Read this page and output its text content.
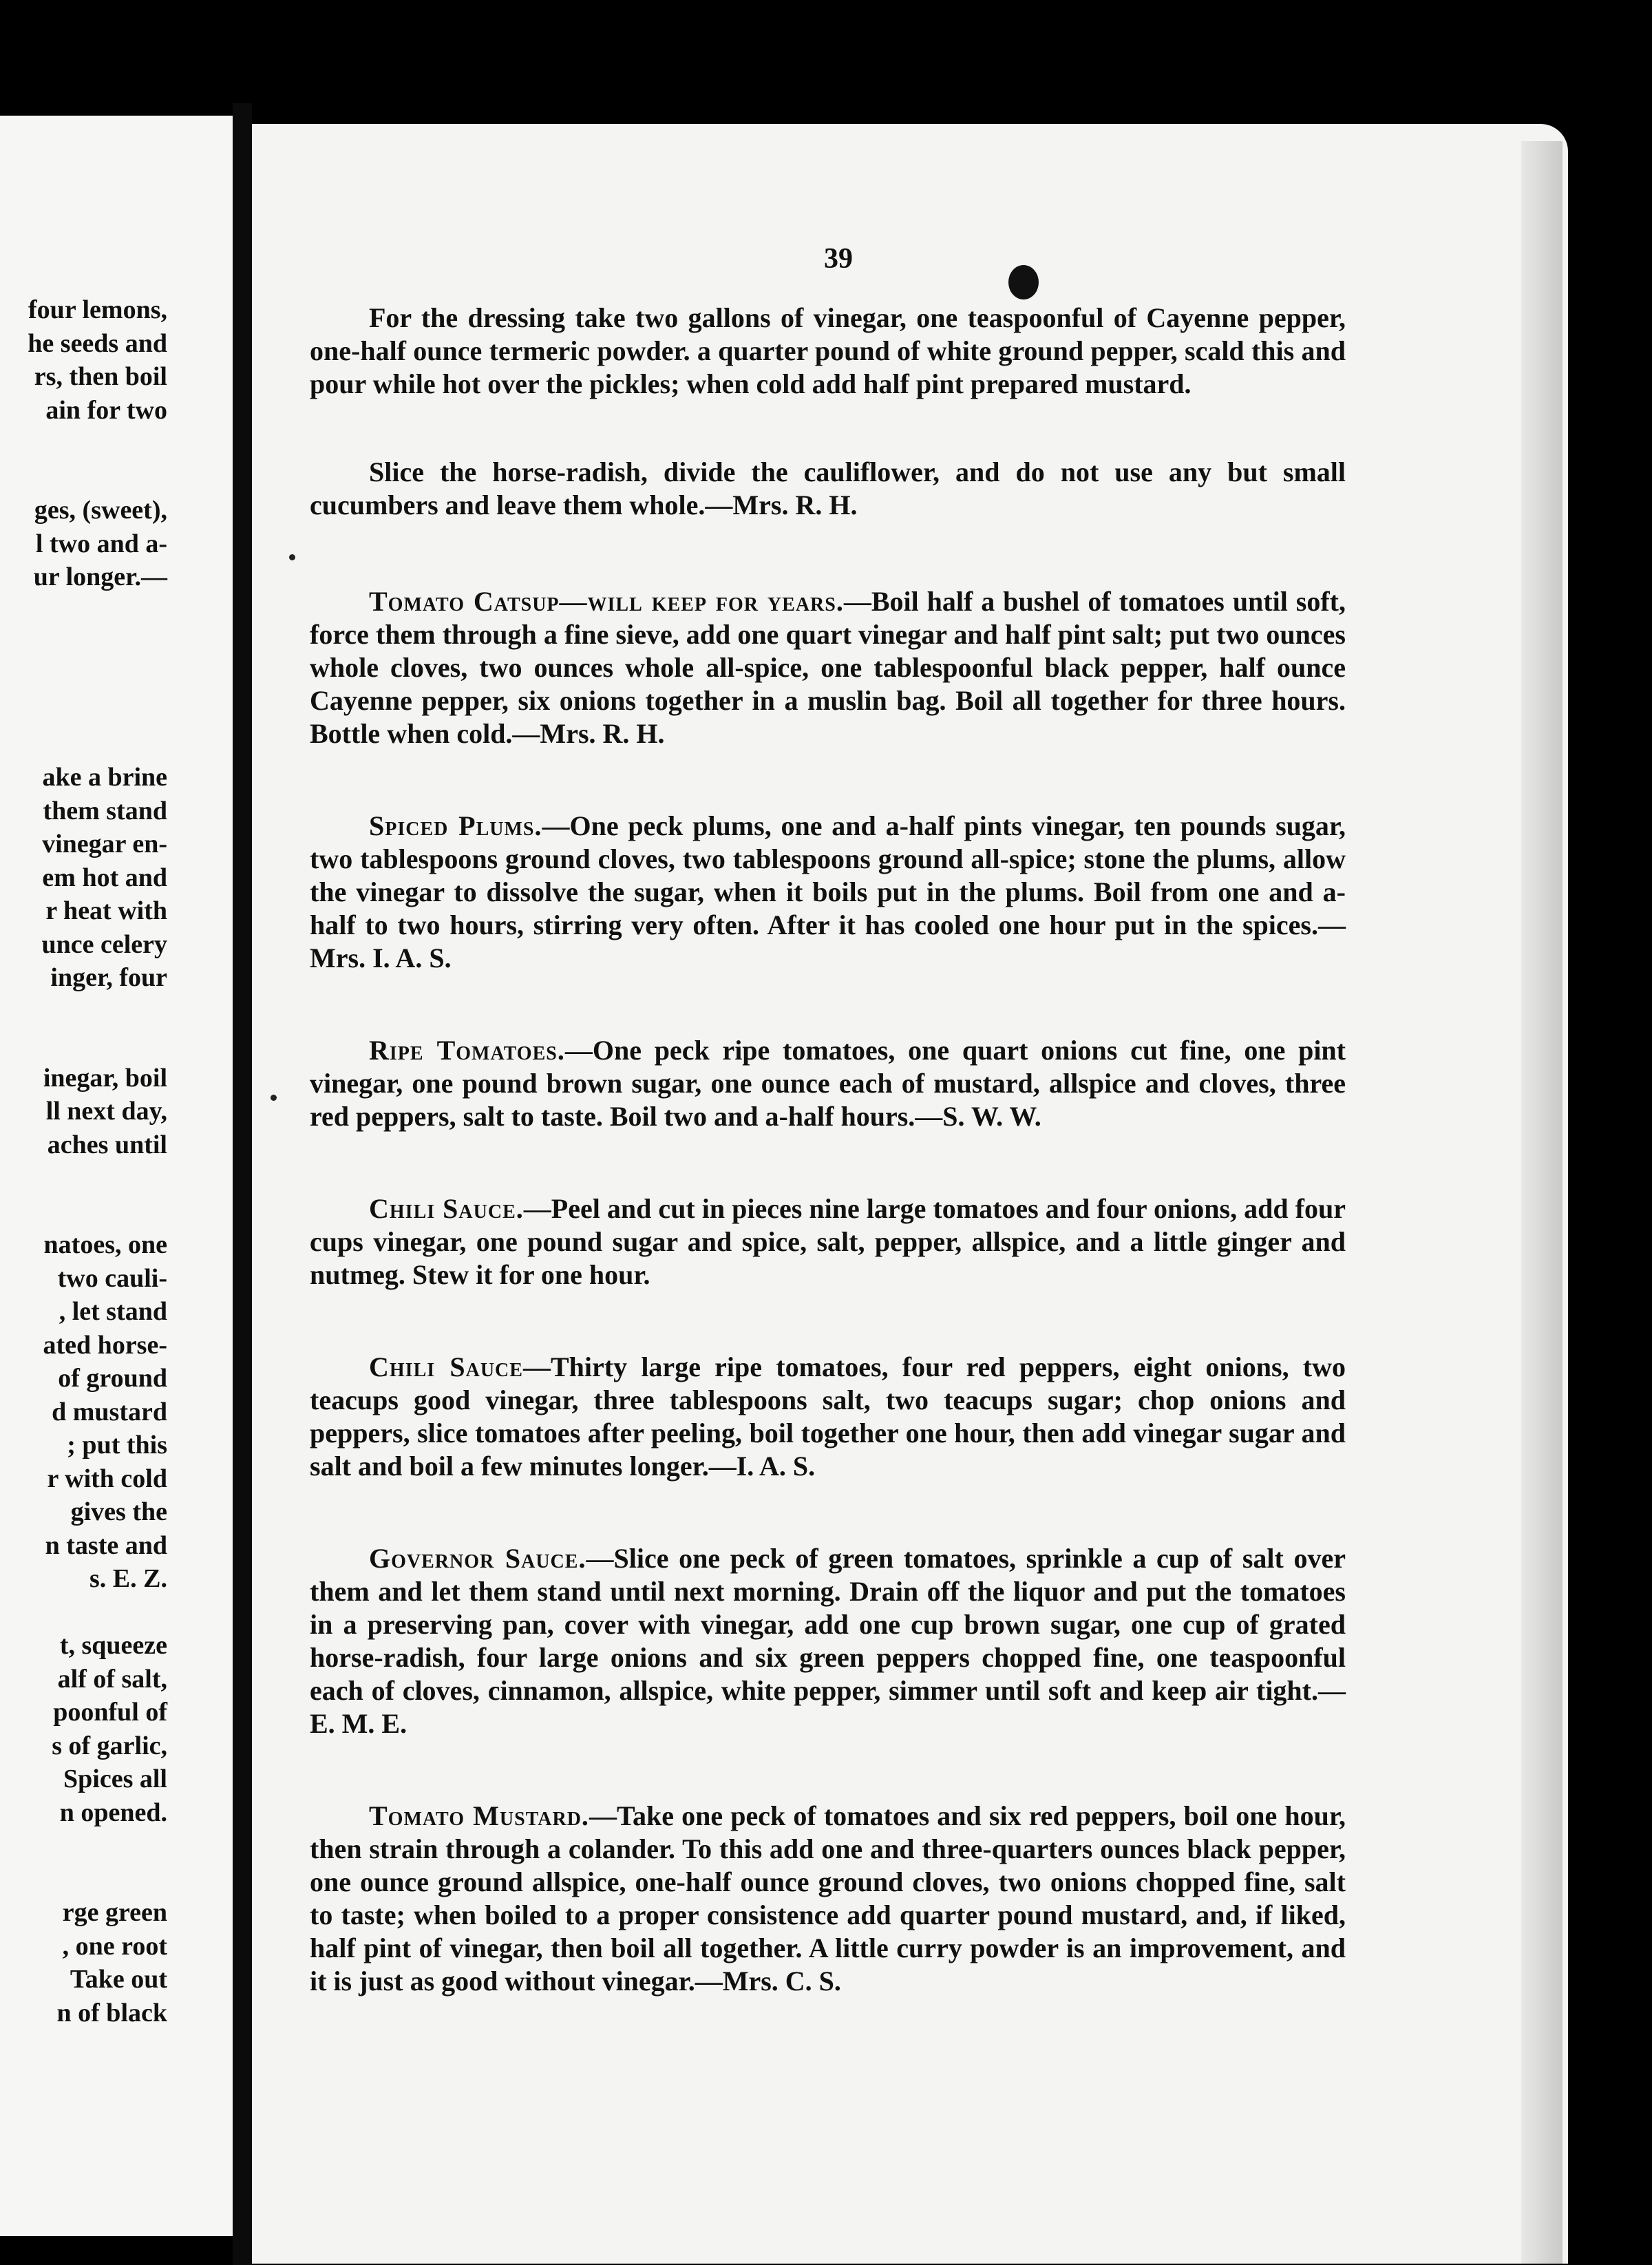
four lemons,
he seeds and
rs, then boil
ain for two
ges, (sweet),
l two and a-
ur longer.—
ake a brine
them stand
vinegar en-
em hot and
r heat with
unce celery
inger, four
inegar, boil
ll next day,
aches until
natoes, one
two cauli-
, let stand
ated horse-
of ground
d mustard
; put this
r with cold
gives the
n taste and
s. E. Z.
t, squeeze
alf of salt,
poonful of
s of garlic,
Spices all
n opened.
rge green
, one root
Take out
n of black
39

For the dressing take two gallons of vinegar, one teaspoonful of Cayenne pepper, one-half ounce termeric powder. a quarter pound of white ground pepper, scald this and pour while hot over the pickles; when cold add half pint prepared mustard.

Slice the horse-radish, divide the cauliflower, and do not use any but small cucumbers and leave them whole.—Mrs. R. H.

Tomato Catsup—will keep for years.—Boil half a bushel of tomatoes until soft, force them through a fine sieve, add one quart vinegar and half pint salt; put two ounces whole cloves, two ounces whole all-spice, one tablespoonful black pepper, half ounce Cayenne pepper, six onions together in a muslin bag. Boil all together for three hours. Bottle when cold.—Mrs. R. H.

Spiced Plums.—One peck plums, one and a-half pints vinegar, ten pounds sugar, two tablespoons ground cloves, two tablespoons ground all-spice; stone the plums, allow the vinegar to dissolve the sugar, when it boils put in the plums. Boil from one and a-half to two hours, stirring very often. After it has cooled one hour put in the spices.—Mrs. I. A. S.

Ripe Tomatoes.—One peck ripe tomatoes, one quart onions cut fine, one pint vinegar, one pound brown sugar, one ounce each of mustard, allspice and cloves, three red peppers, salt to taste. Boil two and a-half hours.—S. W. W.

Chili Sauce.—Peel and cut in pieces nine large tomatoes and four onions, add four cups vinegar, one pound sugar and spice, salt, pepper, allspice, and a little ginger and nutmeg. Stew it for one hour.

Chili Sauce—Thirty large ripe tomatoes, four red peppers, eight onions, two teacups good vinegar, three tablespoons salt, two teacups sugar; chop onions and peppers, slice tomatoes after peeling, boil together one hour, then add vinegar sugar and salt and boil a few minutes longer.—I. A. S.

Governor Sauce.—Slice one peck of green tomatoes, sprinkle a cup of salt over them and let them stand until next morning. Drain off the liquor and put the tomatoes in a preserving pan, cover with vinegar, add one cup brown sugar, one cup of grated horse-radish, four large onions and six green peppers chopped fine, one teaspoonful each of cloves, cinnamon, allspice, white pepper, simmer until soft and keep air tight.—E. M. E.

Tomato Mustard.—Take one peck of tomatoes and six red peppers, boil one hour, then strain through a colander. To this add one and three-quarters ounces black pepper, one ounce ground allspice, one-half ounce ground cloves, two onions chopped fine, salt to taste; when boiled to a proper consistence add quarter pound mustard, and, if liked, half pint of vinegar, then boil all together. A little curry powder is an improvement, and it is just as good without vinegar.—Mrs. C. S.
